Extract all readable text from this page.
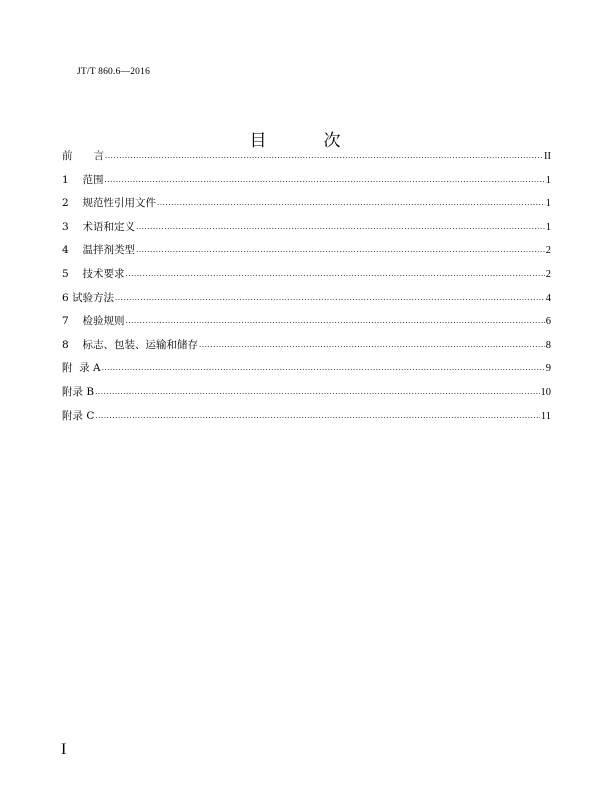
JT/T 860.6—2016
目　次
前　　言 .....	II
1　 范围 .....	1
2　 规范性引用文件 .....	1
3　 术语和定义 .....	1
4　 温拌剂类型 .....	2
5　 技术要求 .....	2
6 试验方法 .....	4
7　 检验规则 .....	6
8　 标志、包装、运输和储存 .....	8
附  录 A .....	9
附录 B .....	10
附录 C .....	11
I
